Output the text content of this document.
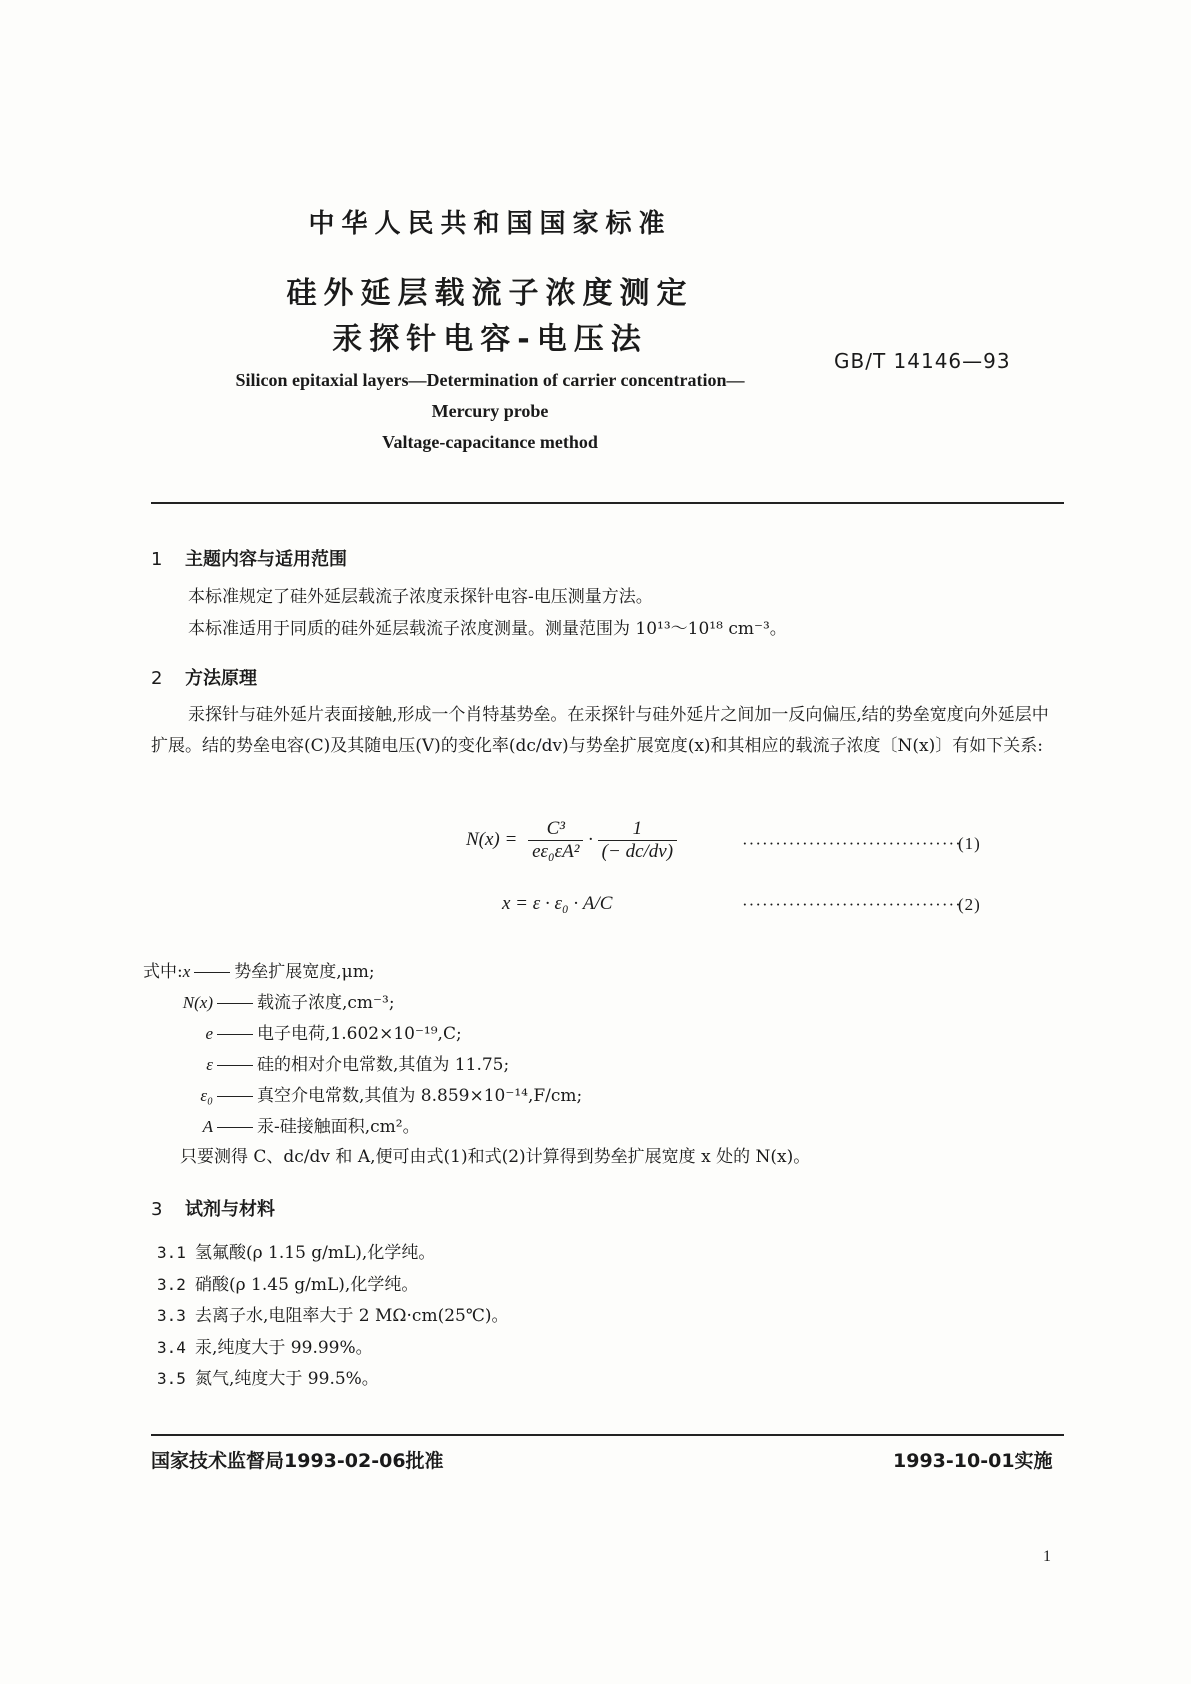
中华人民共和国国家标准
硅外延层载流子浓度测定
汞探针电容-电压法
GB/T 14146—93
Silicon epitaxial layers—Determination of carrier concentration—
Mercury probe
Valtage-capacitance method
1 主题内容与适用范围
本标准规定了硅外延层载流子浓度汞探针电容-电压测量方法。
本标准适用于同质的硅外延层载流子浓度测量。测量范围为 10¹³～10¹⁸ cm⁻³。
2 方法原理
汞探针与硅外延片表面接触,形成一个肖特基势垒。在汞探针与硅外延片之间加一反向偏压,结的势垒宽度向外延层中扩展。结的势垒电容(C)及其随电压(V)的变化率(dc/dv)与势垒扩展宽度(x)和其相应的载流子浓度〔N(x)〕有如下关系:
$N(x) = \frac{\text{C³}}{\text{eε₀εA²}} \cdot \frac{1}{(- dc/dv)}$	·································
(1)
x = ε · ε₀ · A/C	·································
(2)
式中:x	势垒扩展宽度,μm;
N(x)	载流子浓度,cm⁻³;
e	电子电荷,1.602×10⁻¹⁹,C;
ε	硅的相对介电常数,其值为 11.75;
ε₀	真空介电常数,其值为 8.859×10⁻¹⁴,F/cm;
A	汞-硅接触面积,cm²。
只要测得 C、dc/dv 和 A,便可由式(1)和式(2)计算得到势垒扩展宽度 x 处的 N(x)。
3 试剂与材料
3.1 氢氟酸(ρ 1.15 g/mL),化学纯。
3.2 硝酸(ρ 1.45 g/mL),化学纯。
3.3 去离子水,电阻率大于 2 MΩ·cm(25℃)。
3.4 汞,纯度大于 99.99%。
3.5 氮气,纯度大于 99.5%。
国家技术监督局1993-02-06批准	1993-10-01实施
1
